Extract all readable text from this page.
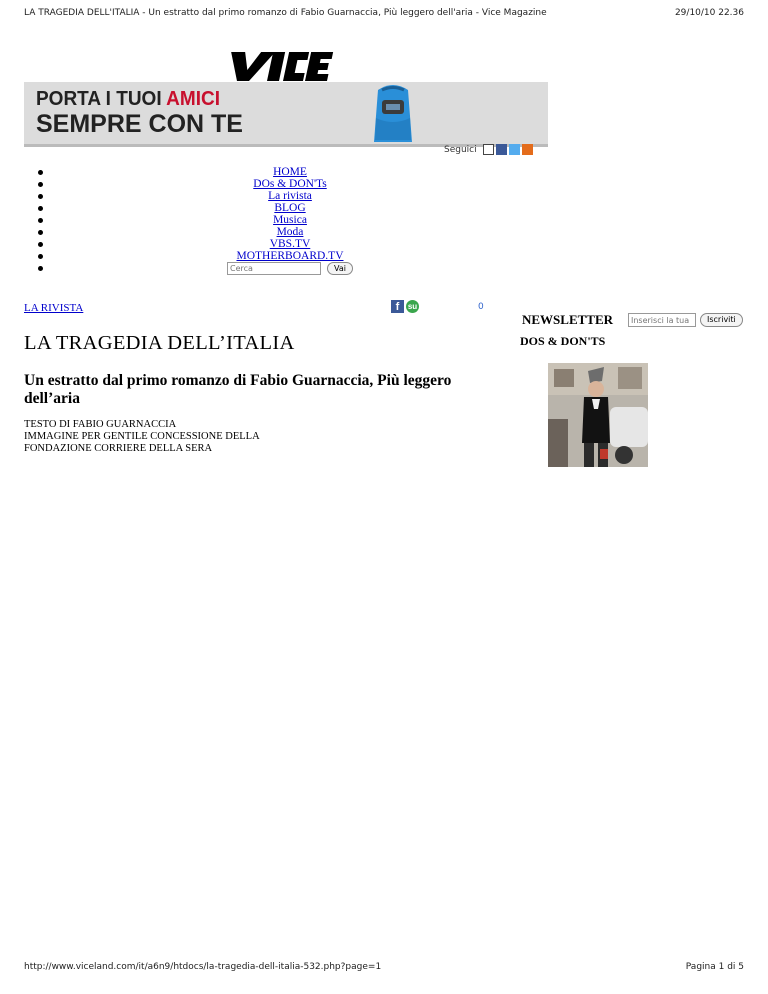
LA TRAGEDIA DELL'ITALIA - Un estratto dal primo romanzo di Fabio Guarnaccia, Più leggero dell'aria - Vice Magazine	29/10/10 22.36
PORTA I TUOI AMICI
SEMPRE CON TE
Seguici
HOME
DOs & DON'Ts
La rivista
BLOG
Musica
Moda
VBS.TV
MOTHERBOARD.TV
Cerca
Vai
LA RIVISTA	f	su	0
LA TRAGEDIA DELL’ITALIA
Un estratto dal primo romanzo di Fabio Guarnaccia, Più leggero dell’aria
TESTO DI FABIO GUARNACCIA
IMMAGINE PER GENTILE CONCESSIONE DELLA
FONDAZIONE CORRIERE DELLA SERA
NEWSLETTER
Inserisci la tua	Iscriviti
DOS & DON'TS
http://www.viceland.com/it/a6n9/htdocs/la-tragedia-dell-italia-532.php?page=1	Pagina 1 di 5
